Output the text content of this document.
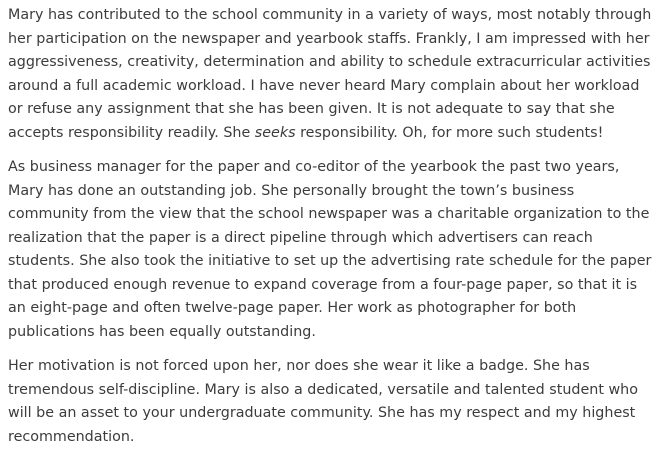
Mary has contributed to the school community in a variety of ways, most notably through her participation on the newspaper and yearbook staffs. Frankly, I am impressed with her aggressiveness, creativity, determination and ability to schedule extracurricular activities around a full academic workload. I have never heard Mary complain about her workload or refuse any assignment that she has been given. It is not adequate to say that she accepts responsibility readily. She seeks responsibility. Oh, for more such students!

As business manager for the paper and co-editor of the yearbook the past two years, Mary has done an outstanding job. She personally brought the town’s business community from the view that the school newspaper was a charitable organization to the realization that the paper is a direct pipeline through which advertisers can reach students. She also took the initiative to set up the advertising rate schedule for the paper that produced enough revenue to expand coverage from a four-page paper, so that it is an eight-page and often twelve-page paper. Her work as photographer for both publications has been equally outstanding.

Her motivation is not forced upon her, nor does she wear it like a badge. She has tremendous self-discipline. Mary is also a dedicated, versatile and talented student who will be an asset to your undergraduate community. She has my respect and my highest recommendation.
